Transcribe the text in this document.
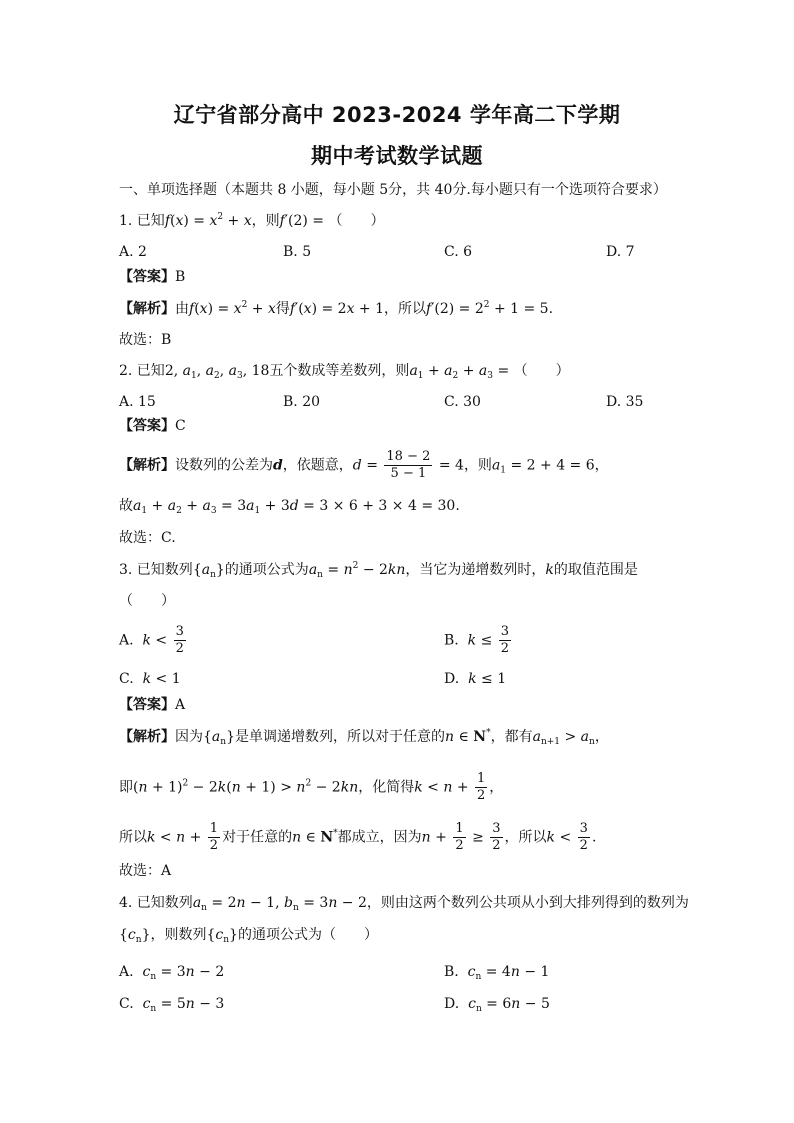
辽宁省部分高中 2023-2024 学年高二下学期
期中考试数学试题
一、单项选择题（本题共 8 小题，每小题 5分，共 40分.每小题只有一个选项符合要求）
1. 已知$f(x) = x^2 + x$，则f′(2) = （　　）
A. 2	B. 5	C. 6	D. 7
【答案】B
【解析】由$f(x) = x^2 + x$得f′(x) = 2x + 1，所以$f'(2) = 2^2 + 1 = 5$.
故选：B
2. 已知2, $a_1$, $a_2$, $a_3$, 18五个数成等差数列，则$a_1 + a_2 + a_3$ = （　　）
A. 15	B. 20	C. 30	D. 35
【答案】C
【解析】设数列的公差为d，依题意，$d = \frac{18 - 2}{5 - 1} = 4$，则$a_1 = 2 + 4 = 6$，
故$a_1 + a_2 + a_3 = 3a_1 + 3d = 3 \times 6 + 3 \times 4 = 30$.
故选：C.
3. 已知数列$\{a_n\}$的通项公式为$a_n = n^2 - 2kn$，当它为递增数列时，k的取值范围是
（　　）
A. $k < \frac{3}{2}$	B. $k \le \frac{3}{2}$
C. k < 1	D. k ≤ 1
【答案】A
【解析】因为$\{a_n\}$是单调递增数列，所以对于任意的n ∈ N*，都有$a_{n+1} > a_n$，
即$(n + 1)^2 - 2k(n + 1) > n^2 - 2kn$，化简得$k < n + \frac{1}{2}$ ，
所以$k < n + \frac{1}{2}$ 对于任意的n ∈ N*都成立，因为$n + \frac{1}{2} \ge \frac{3}{2}$ ，所以$k < \frac{3}{2}$ .
故选：A
4. 已知数列$a_n = 2n - 1$, $b_n = 3n - 2$，则由这两个数列公共项从小到大排列得到的数列为
$\{c_n\}$，则数列$\{c_n\}$的通项公式为（　　）
A. $c_n = 3n - 2$	B. $c_n = 4n - 1$
C. $c_n = 5n - 3$	D. $c_n = 6n - 5$
